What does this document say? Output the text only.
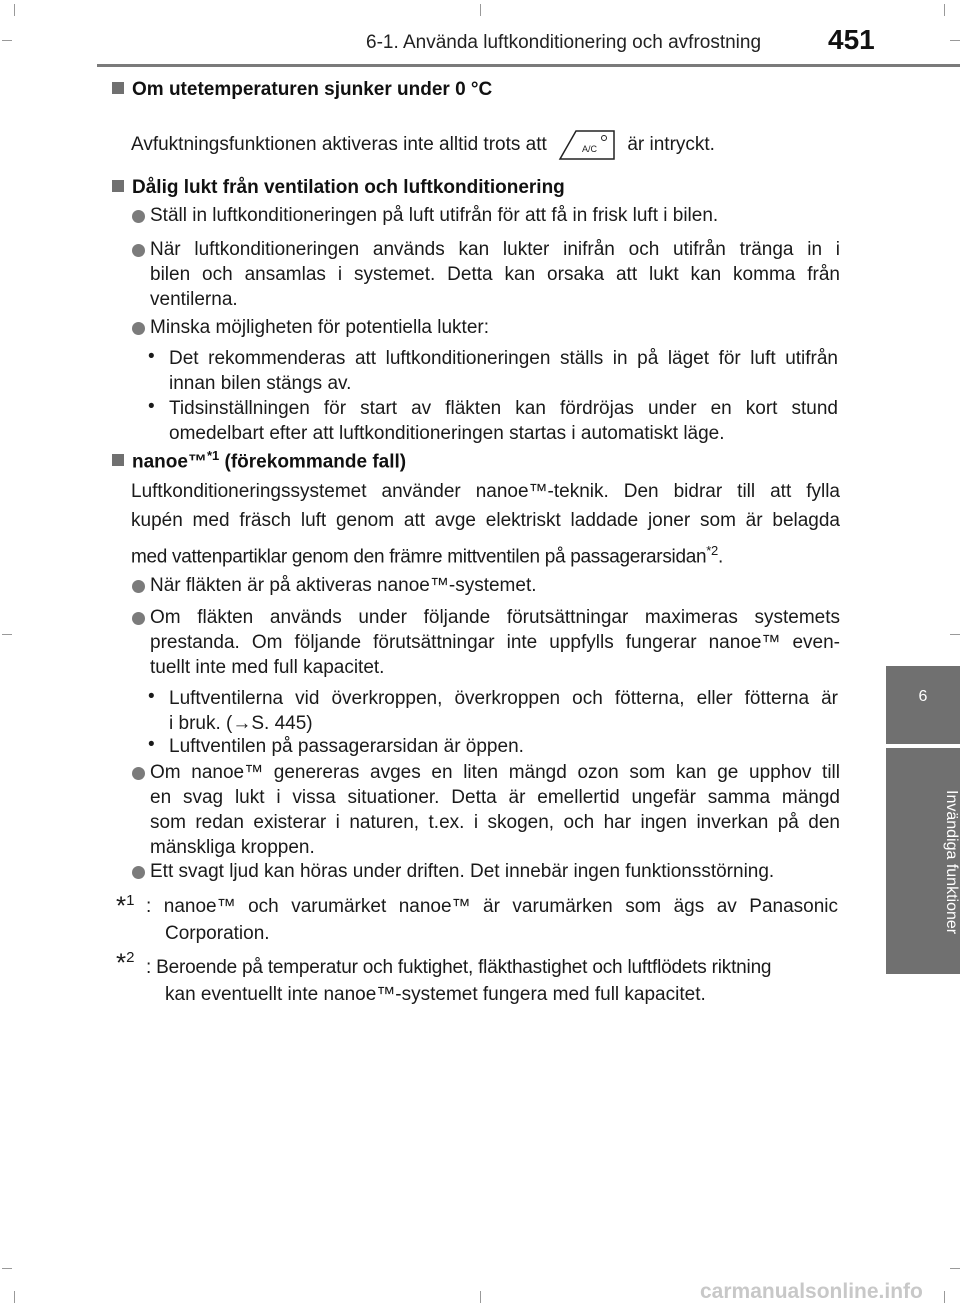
6-1. Använda luftkonditionering och avfrostning 451
6
Invändiga funktioner
Om utetemperaturen sjunker under 0 °C
Avfuktningsfunktionen aktiveras inte alltid trots att	A/C är intryckt.
Dålig lukt från ventilation och luftkonditionering
Ställ in luftkonditioneringen på luft utifrån för att få in frisk luft i bilen.
När luftkonditioneringen används kan lukter inifrån och utifrån tränga in i
bilen och ansamlas i systemet. Detta kan orsaka att lukt kan komma från
ventilerna.
Minska möjligheten för potentiella lukter:
• Det rekommenderas att luftkonditioneringen ställs in på läget för luft utifrån
innan bilen stängs av.
• Tidsinställningen för start av fläkten kan fördröjas under en kort stund
omedelbart efter att luftkonditioneringen startas i automatiskt läge.
nanoe™$^{*1}$ (förekommande fall)
Luftkonditioneringssystemet använder nanoe™-teknik. Den bidrar till att fylla
kupén med fräsch luft genom att avge elektriskt laddade joner som är belagda
med vattenpartiklar genom den främre mittventilen på passagerarsidan$^{*2}$.
När fläkten är på aktiveras nanoe™-systemet.
Om fläkten används under följande förutsättningar maximeras systemets
prestanda. Om följande förutsättningar inte uppfylls fungerar nanoe™ even-
tuellt inte med full kapacitet.
• Luftventilerna vid överkroppen, överkroppen och fötterna, eller fötterna är
i bruk. (→S. 445)
• Luftventilen på passagerarsidan är öppen.
Om nanoe™ genereras avges en liten mängd ozon som kan ge upphov till
en svag lukt i vissa situationer. Detta är emellertid ungefär samma mängd
som redan existerar i naturen, t.ex. i skogen, och har ingen inverkan på den
mänskliga kroppen.
Ett svagt ljud kan höras under driften. Det innebär ingen funktionsstörning.
*$^1$ : nanoe™ och varumärket nanoe™ är varumärken som ägs av Panasonic
Corporation.
*$^2$ : Beroende på temperatur och fuktighet, fläkthastighet och luftflödets riktning
kan eventuellt inte nanoe™-systemet fungera med full kapacitet.
carmanualsonline.info
